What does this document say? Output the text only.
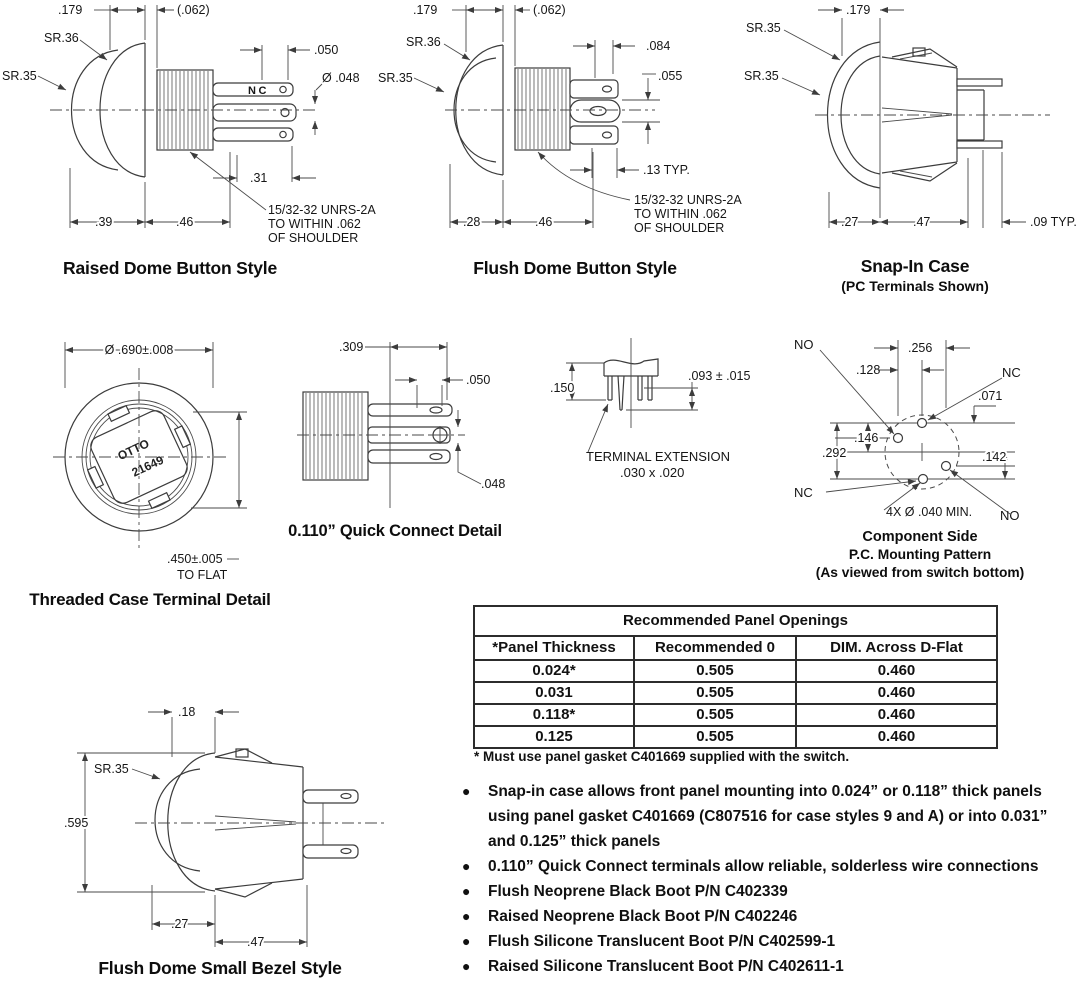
.179	(.062)
SR.36
SR.35
.050
Ø .048
NC
.31
.39	.46
15/32-32 UNRS-2A
TO WITHIN .062
OF SHOULDER
Raised Dome Button Style
.179	(.062)
SR.36
SR.35
.084
.055
.13 TYP.
.28	.46
15/32-32 UNRS-2A
TO WITHIN .062
OF SHOULDER
Flush Dome Button Style
.179
SR.35
SR.35
.27	.47	.09 TYP.
Snap-In Case
(PC Terminals Shown)
OTTO
21649
Ø .690±.008
.450±.005
TO FLAT
Threaded Case Terminal Detail
.309
.050
.048
0.110” Quick Connect Detail
.150
.093 ± .015
TERMINAL EXTENSION
.030 x .020
NO	.256
.128	NC
.071
.146
.292	.142
NC
4X Ø .040 MIN. NO
Component Side
P.C. Mounting Pattern
(As viewed from switch bottom)
Recommended Panel Openings
*Panel Thickness	Recommended 0	DIM. Across D-Flat
0.024*	0.505	0.460
0.031	0.505	0.460
0.118*	0.505	0.460
0.125	0.505	0.460
* Must use panel gasket C401669 supplied with the switch.
.18
SR.35
.595
.27
.47
Flush Dome Small Bezel Style
●	Snap-in case allows front panel mounting into 0.024” or 0.118” thick panels using panel gasket C401669 (C807516 for case styles 9 and A) or into 0.031” and 0.125” thick panels
●	0.110” Quick Connect terminals allow reliable, solderless wire connections
●	Flush Neoprene Black Boot P/N C402339
●	Raised Neoprene Black Boot P/N C402246
●	Flush Silicone Translucent Boot P/N C402599-1
●	Raised Silicone Translucent Boot P/N C402611-1
